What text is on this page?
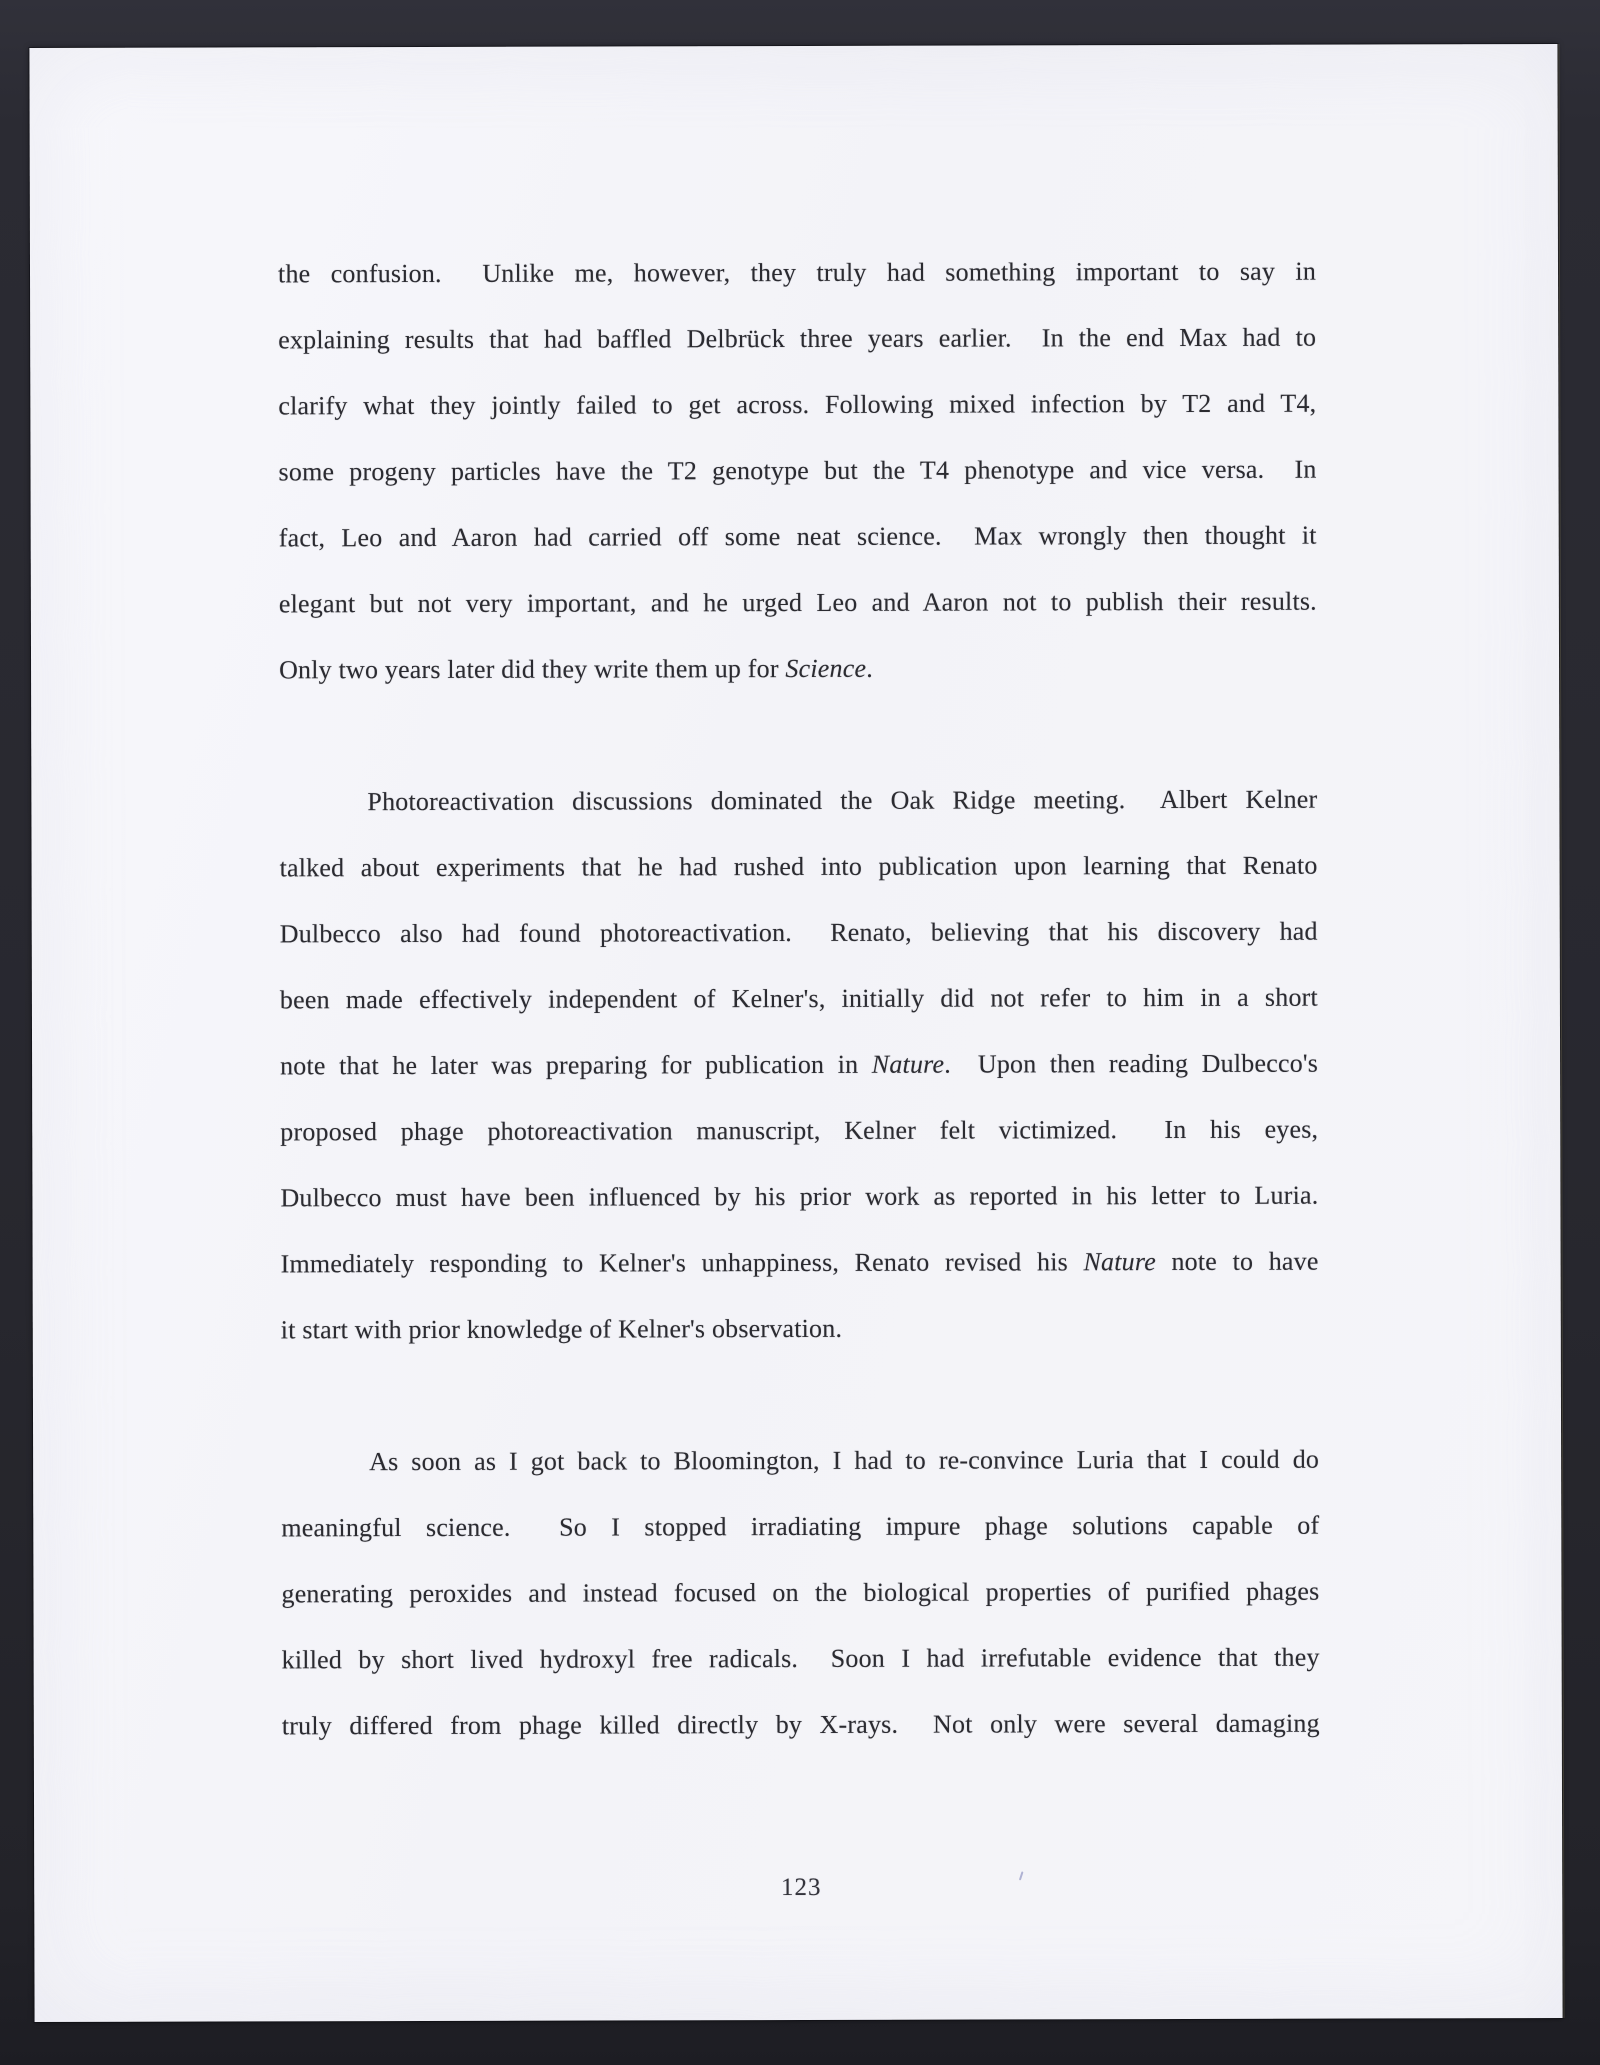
the confusion.  Unlike me, however, they truly had something important to say in
explaining results that had baffled Delbrück three years earlier.  In the end Max had to
clarify what they jointly failed to get across. Following mixed infection by T2 and T4,
some progeny particles have the T2 genotype but the T4 phenotype and vice versa.  In
fact, Leo and Aaron had carried off some neat science.  Max wrongly then thought it
elegant but not very important, and he urged Leo and Aaron not to publish their results.
Only two years later did they write them up for Science.
Photoreactivation discussions dominated the Oak Ridge meeting.  Albert Kelner
talked about experiments that he had rushed into publication upon learning that Renato
Dulbecco also had found photoreactivation.  Renato, believing that his discovery had
been made effectively independent of Kelner's, initially did not refer to him in a short
note that he later was preparing for publication in Nature.  Upon then reading Dulbecco's
proposed phage photoreactivation manuscript, Kelner felt victimized.  In his eyes,
Dulbecco must have been influenced by his prior work as reported in his letter to Luria.
Immediately responding to Kelner's unhappiness, Renato revised his Nature note to have
it start with prior knowledge of Kelner's observation.
As soon as I got back to Bloomington, I had to re-convince Luria that I could do
meaningful science.  So I stopped irradiating impure phage solutions capable of
generating peroxides and instead focused on the biological properties of purified phages
killed by short lived hydroxyl free radicals.  Soon I had irrefutable evidence that they
truly differed from phage killed directly by X-rays.  Not only were several damaging
123
